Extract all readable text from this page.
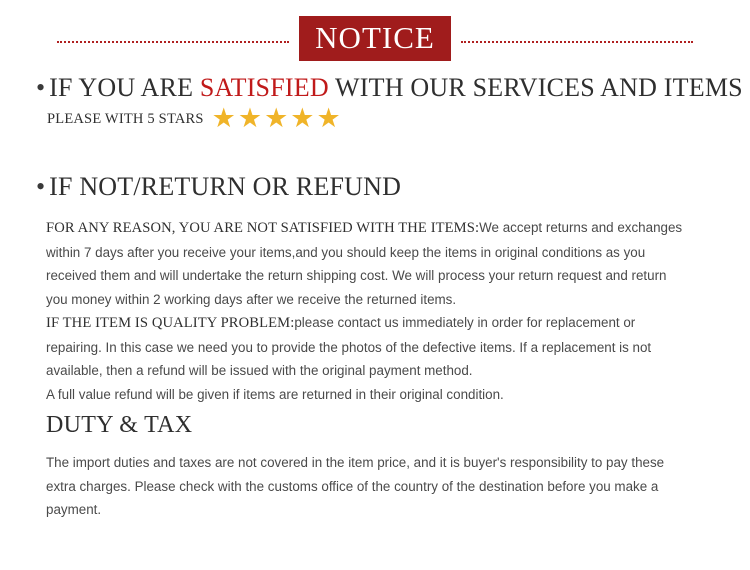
NOTICE
• IF YOU ARE SATISFIED WITH OUR SERVICES AND ITEMS
PLEASE WITH 5 STARS ★★★★★
• IF NOT/RETURN OR REFUND

FOR ANY REASON, YOU ARE NOT SATISFIED WITH THE ITEMS:We accept returns and exchanges within 7 days after you receive your items,and you should keep the items in original conditions as you received them and will undertake the return shipping cost. We will process your return request and return you money within 2 working days after we receive the returned items.

IF THE ITEM IS QUALITY PROBLEM:please contact us immediately in order for replacement or repairing. In this case we need you to provide the photos of the defective items. If a replacement is not available, then a refund will be issued with the original payment method.

A full value refund will be given if items are returned in their original condition.

DUTY & TAX

The import duties and taxes are not covered in the item price, and it is buyer's responsibility to pay these extra charges. Please check with the customs office of the country of the destination before you make a payment.
